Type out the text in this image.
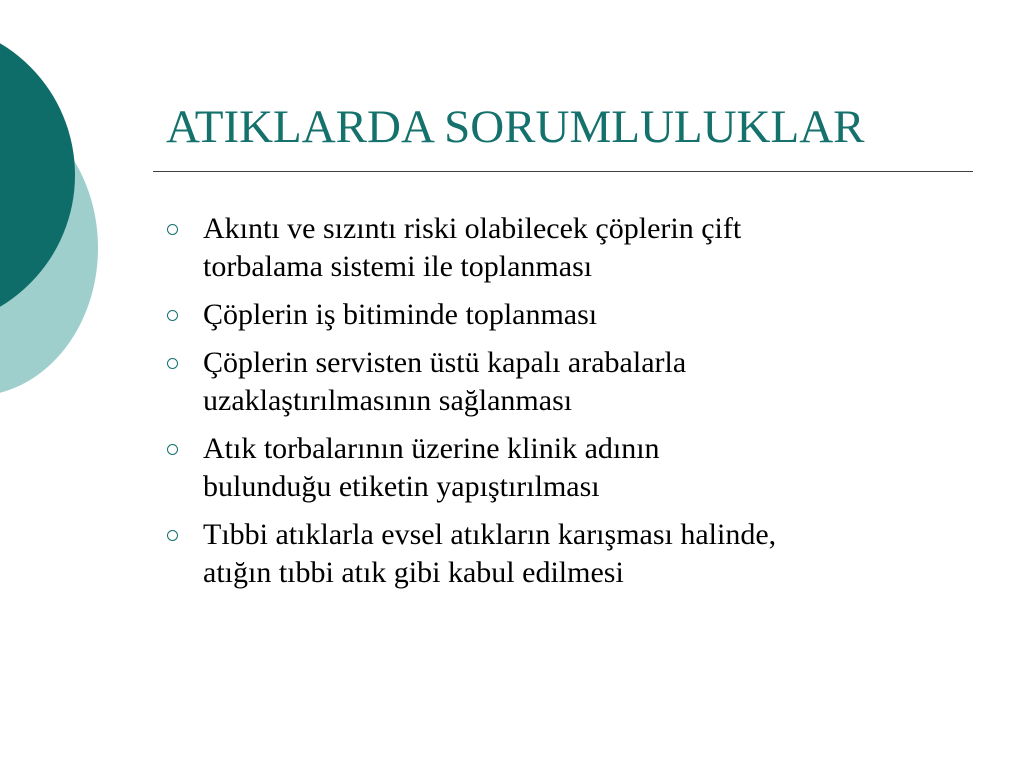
ATIKLARDA SORUMLULUKLAR
Akıntı ve sızıntı riski olabilecek çöplerin çift
torbalama sistemi ile toplanması
Çöplerin iş bitiminde toplanması
Çöplerin servisten üstü kapalı arabalarla
uzaklaştırılmasının sağlanması
Atık torbalarının üzerine klinik adının
bulunduğu etiketin yapıştırılması
Tıbbi atıklarla evsel atıkların karışması halinde,
atığın tıbbi atık gibi kabul edilmesi
